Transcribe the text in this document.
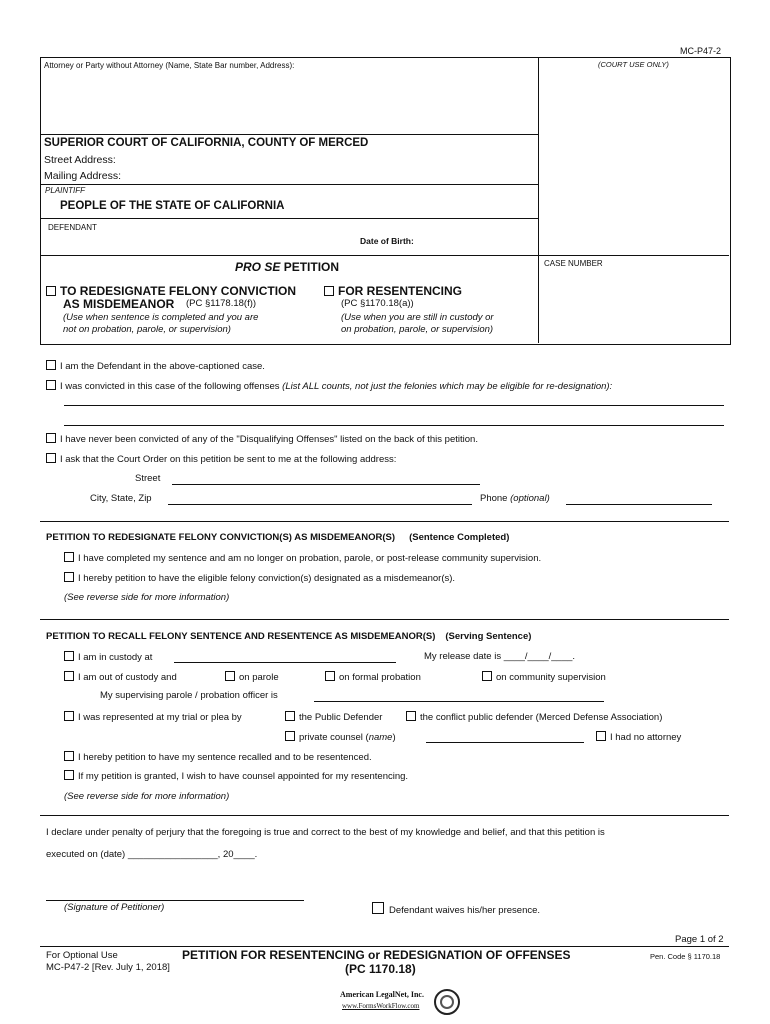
MC-P47-2
Attorney or Party without Attorney (Name, State Bar number, Address):	(COURT USE ONLY)
SUPERIOR COURT OF CALIFORNIA, COUNTY OF MERCED
Street Address:
Mailing Address:
PLAINTIFF
PEOPLE OF THE STATE OF CALIFORNIA
DEFENDANT
Date of Birth:
CASE NUMBER
PRO SE PETITION
TO REDESIGNATE FELONY CONVICTION
AS MISDEMEANOR (PC §1178.18(f))
(Use when sentence is completed and you are
not on probation, parole, or supervision)
FOR RESENTENCING
(PC §1170.18(a))
(Use when you are still in custody or
on probation, parole, or supervision)
I am the Defendant in the above-captioned case.
I was convicted in this case of the following offenses (List ALL counts, not just the felonies which may be eligible for re-designation):
I have never been convicted of any of the "Disqualifying Offenses" listed on the back of this petition.
I ask that the Court Order on this petition be sent to me at the following address:
Street
City, State, Zip	Phone (optional)
PETITION TO REDESIGNATE FELONY CONVICTION(S) AS MISDEMEANOR(S) (Sentence Completed)
I have completed my sentence and am no longer on probation, parole, or post-release community supervision.
I hereby petition to have the eligible felony conviction(s) designated as a misdemeanor(s).
(See reverse side for more information)
PETITION TO RECALL FELONY SENTENCE AND RESENTENCE AS MISDEMEANOR(S) (Serving Sentence)
I am in custody at	My release date is ____/____/____.
I am out of custody and	on parole	on formal probation	on community supervision
My supervising parole / probation officer is
I was represented at my trial or plea by	the Public Defender	the conflict public defender (Merced Defense Association)
private counsel (name)	I had no attorney
I hereby petition to have my sentence recalled and to be resentenced.
If my petition is granted, I wish to have counsel appointed for my resentencing.
(See reverse side for more information)
I declare under penalty of perjury that the foregoing is true and correct to the best of my knowledge and belief, and that this petition is
executed on (date) _________________, 20____.
(Signature of Petitioner)	Defendant waives his/her presence.
Page 1 of 2
For Optional Use
MC-P47-2 [Rev. July 1, 2018]
PETITION FOR RESENTENCING or REDESIGNATION OF OFFENSES
(PC 1170.18)
Pen. Code § 1170.18
American LegalNet, Inc.
www.FormsWorkFlow.com
